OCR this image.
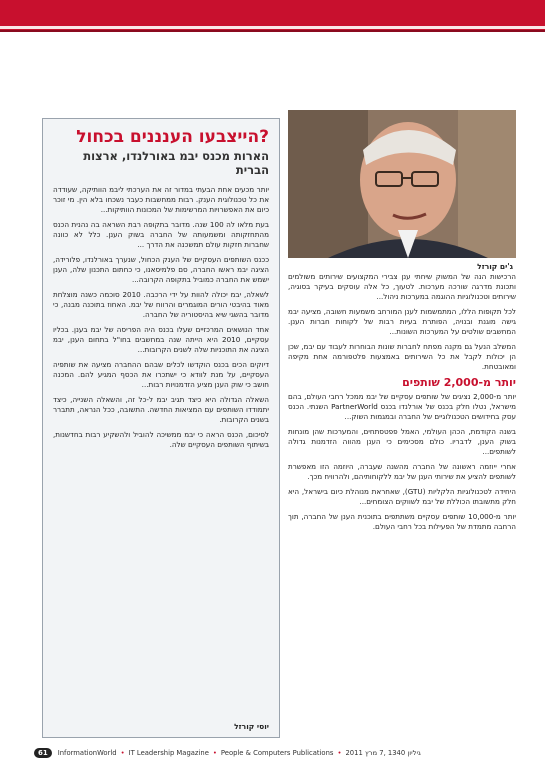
הייצבעו הענננים בכחול?
הארות מכנס יבמ באורלנדו, ארצות הברית

יותר מכעים אחת הבעתי במדור זה את הערכתי ליבמ הוותיקה, שעודדה את כל טכנולוגית הענק. רבות ממחשבות כעבר נשכחו בלא הין. מי זוכר כיום את האפשרויות המרשימות של המכונות הוותיקות...

בעת מלאו לה 100 שנה. מדובר בתקופה רבת השראה בה נהנית הכנס מהתחזקותה ומשמעותה של החברה בשוק הענן. כלל לא כוונה שחברות חזקות עולם תמשכנה את הדרך ...

ככנס השותפים העסקיים של הענק הכחול, שנערך באורלנדו, פלורידה, הציגה יבמ ראשו החברה, סם פלמיסאנו, כי כחתום התכנון שלה, הענן ישמש את החברה כמוביל בתקופה הקרובה...

לשאלה, יבמ יכולה להוות על ידי הרכבה. 2010 סוכמה כשנה מוצלחת מאוד בהיבטי הורים המוגמרים והרווח של יבמ. האחוז בתוכנה מבנה, כי מדובר בהשגי שיא בהיסטוריה של החברה.

אחד הנושאים המרכזיים שעלו בכנס היה הפריסה של יבמ בענן. בכליו עסקיים, 2010 היא הייתה שנה במחשבים בחו"ל בתחום הענן, יבמ הציגה את התוכניות שלה לשנים הקרובות...

דיוקים הכים בכנס הוקדשו לכלים שבהם ההחברה מציעה את שותפיה העסקיים, על מנת לוודא כי ישתכרו את הכסף המגיע להם. המכנה חושב כי שוק הענן מציע הזדמנויות רבות...

השאלה הגדולה היא כיצד תגיב יבמ ל-כל זה, והשאלה השנייה, כיצד יתמודדו השותפים עם המציאות החדשה. התשובה, ככל הנראה, תתברר בשנים הקרובות.

לסיכום, הכנס הראה כי יבמ ממשיכה להוביל ולהשקיע רבות בחדשנות, בשיתוף השותפים העסקיים שלה.

יוסי קורזל
ג'ים קורזל

הרכישות הנה של המשוק שיחתי ענן צבירי המקצועים שירותים משולמים ותכונת מדרגה שורכה מערכות. לטעוך, כל אלה עוסקים בעיקר בסוגיה, שירותים וטכנולוגיות ההוגמה במערכות ניהול...

לכל תקופות הללו, המתמשמות לענן המורחב משמעות חשובה, מציעה יבמ גישה מוגנת ובנויה, הפותרת בעיות רבות של לקוחות חברות הענן. המחשבים שולטים על המערכות השונות...

המשלב הנעל גם מקנה מפתח לחברות שונות הבוחרות לעבוד עם יבמ, שכן הן יכולות לקבל את כל השירותים באמצעות פלטפורמה אחת מקיפה ומאובטחת.

יותר מ-2,000 שותפים

יותר מ-2,000 נציגים של שותפים עסקיים של יבמ ממכל רחבי העולם, בהם מישראל, נטלו חלק בכנס של אורלנדו בכנס PartnerWorld השנתי. הכנס עסק בחידושים הטכנולוגיים של החברה ובמגמות השוק...

בשנה הקודמת, הכהן העולמי, האמל פפטסתחים, והמערכות שהן מונחות בשוק הענן, לדבריו. כולם מסכימים כי הענן מהווה הזדמנות גדולה לשותפים...

אחרי ייוזמה ראשונה של החברה מהשנה שעברה, היוזמה הזו מאפשרת לשותפים להציע את שירותי הענן של יבמ ללקוחותיהם, ולהרוויח מכך.

היחידה לטכנולוגיות הלקליות (GTU), שאחראת מנוהלת כיום בישראל, היא חלק מתשובתו הכוללת של יבמ לשווקים הצומחים...

יותר מ-10,000 שותפים עסקיים משתתפים בתוכנית הענן של החברה, תוך הרחבה מתמדת של הפעילות בכל רחבי העולם.

61	InformationWorld • IT Leadership Magazine • People & Computers Publications • גיליון 1340 ,7 מרץ 2011
